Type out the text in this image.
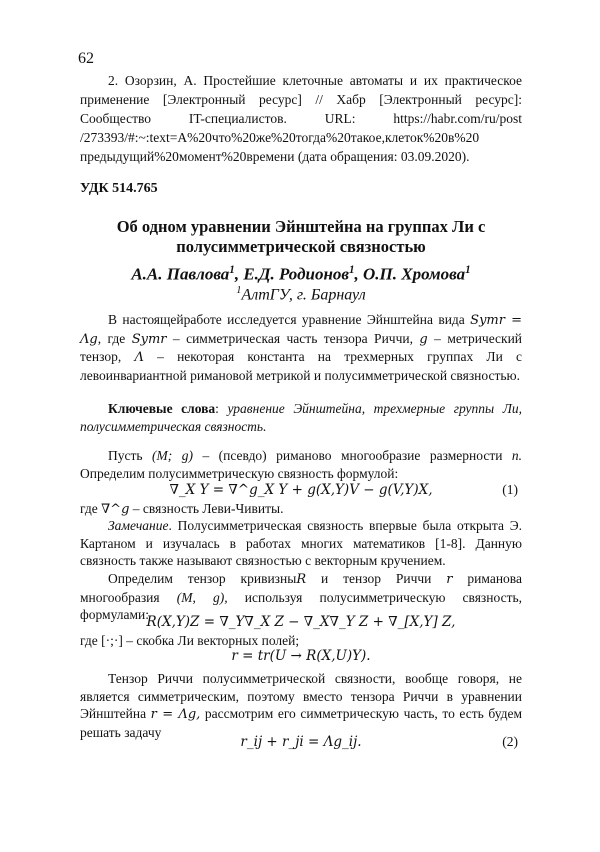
62
2. Озорзин, А. Простейшие клеточные автоматы и их практическое применение [Электронный ресурс] // Хабр [Электронный ресурс]: Сообщество IT-специалистов. URL: https://habr.com/ru/post /273393/#:~:text=A%20что%20же%20тогда%20такое,клеток%20в%20 предыдущий%20момент%20времени (дата обращения: 03.09.2020).
УДК 514.765
Об одном уравнении Эйнштейна на группах Ли с полусимметрической связностью
А.А. Павлова$^1$, Е.Д. Родионов$^1$, О.П. Хромова$^1$
$^1$АлтГУ, г. Барнаул
В настоящейработе исследуется уравнение Эйнштейна вида Symr = Λg, где Symr – симметрическая часть тензора Риччи, g – метрический тензор, Λ – некоторая константа на трехмерных группах Ли с левоинвариантной римановой метрикой и полусимметрической связностью.
Ключевые слова: уравнение Эйнштейна, трехмерные группы Ли, полусимметрическая связность.
Пусть (M; g) – (псевдо) риманово многообразие размерности n. Определим полусимметрическую связность формулой:
∇_X Y = ∇^g_X Y + g(X,Y)V − g(V,Y)X,	(1)
где ∇^g – связность Леви-Чивиты.
Замечание. Полусимметрическая связность впервые была открыта Э. Картаном и изучалась в работах многих математиков [1-8]. Данную связность также называют связностью с векторным кручением.
Определим тензор кривизныR и тензор Риччи r риманова многообразия (M, g), используя полусимметрическую связность, формулами:
R(X,Y)Z = ∇_Y∇_X Z − ∇_X∇_Y Z + ∇_[X,Y] Z,
где [·;·] – скобка Ли векторных полей;
r = tr(U → R(X,U)Y).
Тензор Риччи полусимметрической связности, вообще говоря, не является симметрическим, поэтому вместо тензора Риччи в уравнении Эйнштейна r = Λg, рассмотрим его симметрическую часть, то есть будем решать задачу
r_ij + r_ji = Λg_ij.	(2)
